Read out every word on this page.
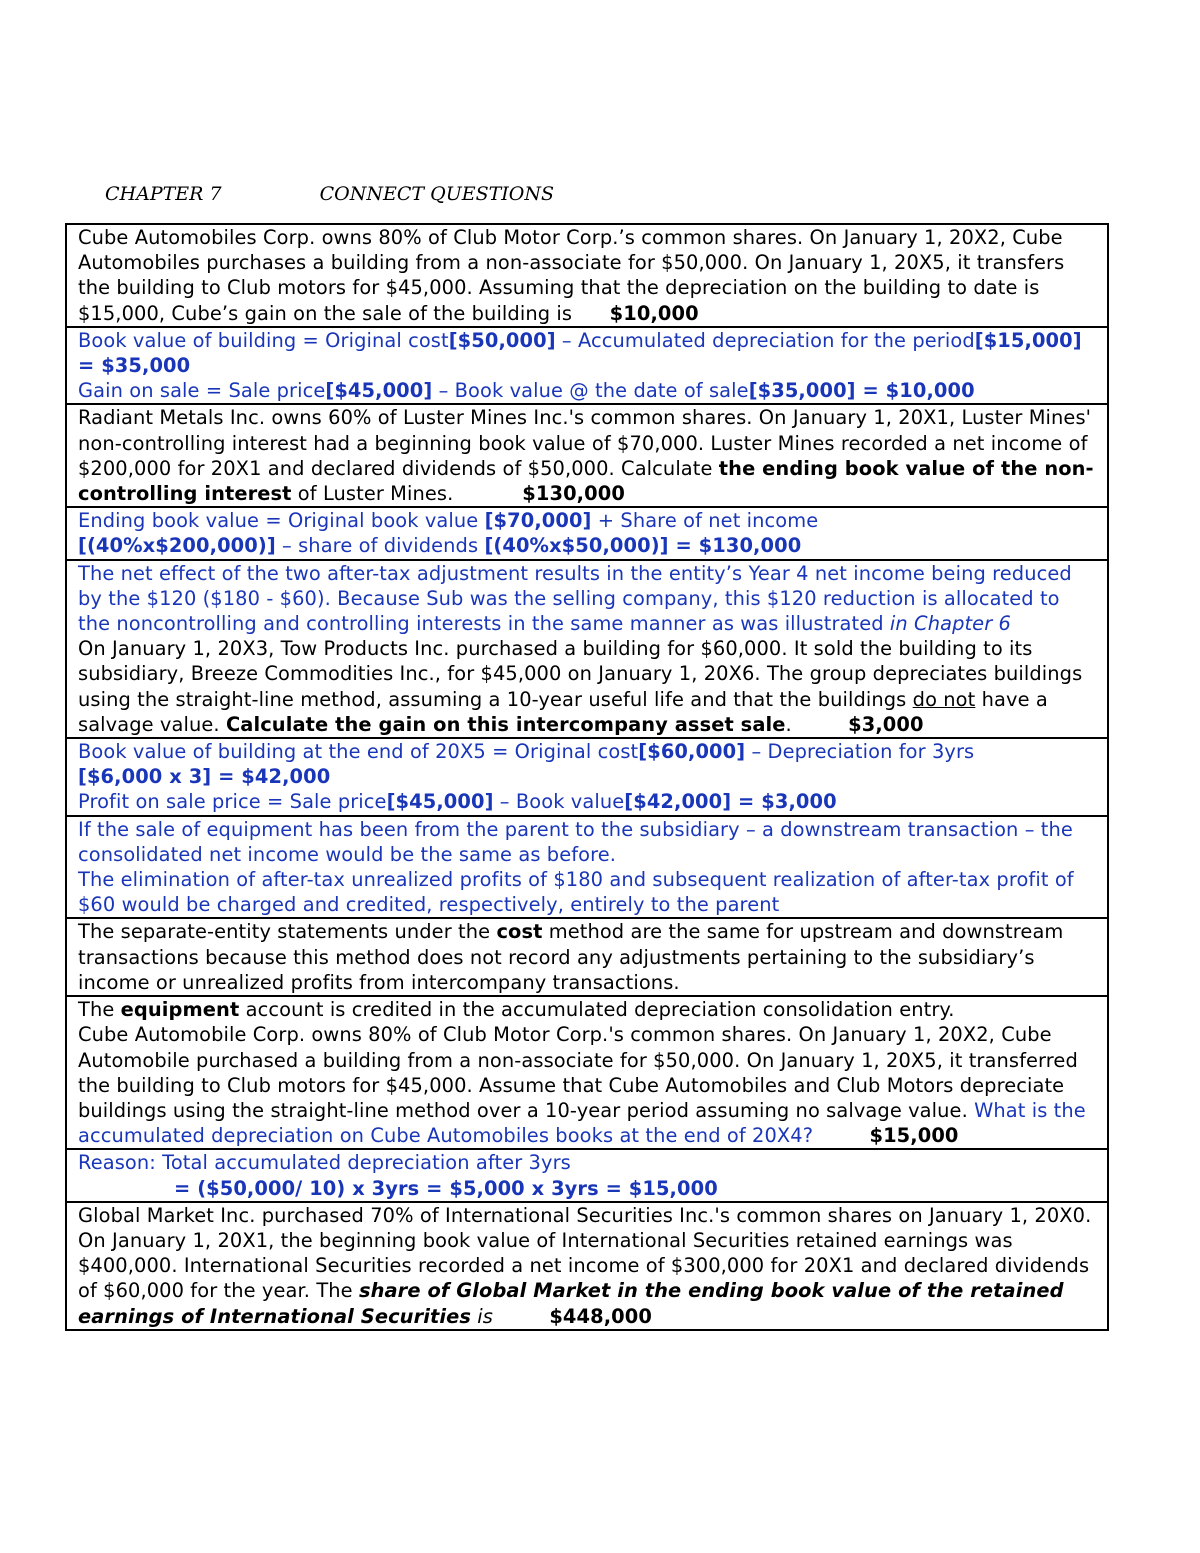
CHAPTER 7	CONNECT QUESTIONS
Cube Automobiles Corp. owns 80% of Club Motor Corp.’s common shares. On January 1, 20X2, Cube Automobiles purchases a building from a non-associate for $50,000. On January 1, 20X5, it transfers the building to Club motors for $45,000. Assuming that the depreciation on the building to date is $15,000, Cube’s gain on the sale of the building is $10,000
Book value of building = Original cost[$50,000] – Accumulated depreciation for the period[$15,000] = $35,000
Gain on sale = Sale price[$45,000] – Book value @ the date of sale[$35,000] = $10,000
Radiant Metals Inc. owns 60% of Luster Mines Inc.'s common shares. On January 1, 20X1, Luster Mines' non-controlling interest had a beginning book value of $70,000. Luster Mines recorded a net income of $200,000 for 20X1 and declared dividends of $50,000. Calculate the ending book value of the non-controlling interest of Luster Mines.	$130,000
Ending book value = Original book value [$70,000] + Share of net income
[(40%x$200,000)] – share of dividends [(40%x$50,000)] = $130,000
The net effect of the two after-tax adjustment results in the entity’s Year 4 net income being reduced by the $120 ($180 - $60). Because Sub was the selling company, this $120 reduction is allocated to the noncontrolling and controlling interests in the same manner as was illustrated in Chapter 6
On January 1, 20X3, Tow Products Inc. purchased a building for $60,000. It sold the building to its subsidiary, Breeze Commodities Inc., for $45,000 on January 1, 20X6. The group depreciates buildings using the straight-line method, assuming a 10-year useful life and that the buildings do not have a salvage value. Calculate the gain on this intercompany asset sale.	$3,000
Book value of building at the end of 20X5 = Original cost[$60,000] – Depreciation for 3yrs
[$6,000 x 3] = $42,000
Profit on sale price = Sale price[$45,000] – Book value[$42,000] = $3,000
If the sale of equipment has been from the parent to the subsidiary – a downstream transaction – the consolidated net income would be the same as before.
The elimination of after-tax unrealized profits of $180 and subsequent realization of after-tax profit of $60 would be charged and credited, respectively, entirely to the parent
The separate-entity statements under the cost method are the same for upstream and downstream transactions because this method does not record any adjustments pertaining to the subsidiary’s income or unrealized profits from intercompany transactions.
The equipment account is credited in the accumulated depreciation consolidation entry.
Cube Automobile Corp. owns 80% of Club Motor Corp.'s common shares. On January 1, 20X2, Cube Automobile purchased a building from a non-associate for $50,000. On January 1, 20X5, it transferred the building to Club motors for $45,000. Assume that Cube Automobiles and Club Motors depreciate buildings using the straight-line method over a 10-year period assuming no salvage value. What is the accumulated depreciation on Cube Automobiles books at the end of 20X4?	$15,000
Reason: Total accumulated depreciation after 3yrs
= ($50,000/ 10) x 3yrs = $5,000 x 3yrs = $15,000
Global Market Inc. purchased 70% of International Securities Inc.'s common shares on January 1, 20X0. On January 1, 20X1, the beginning book value of International Securities retained earnings was $400,000. International Securities recorded a net income of $300,000 for 20X1 and declared dividends of $60,000 for the year. The share of Global Market in the ending book value of the retained earnings of International Securities is	$448,000
